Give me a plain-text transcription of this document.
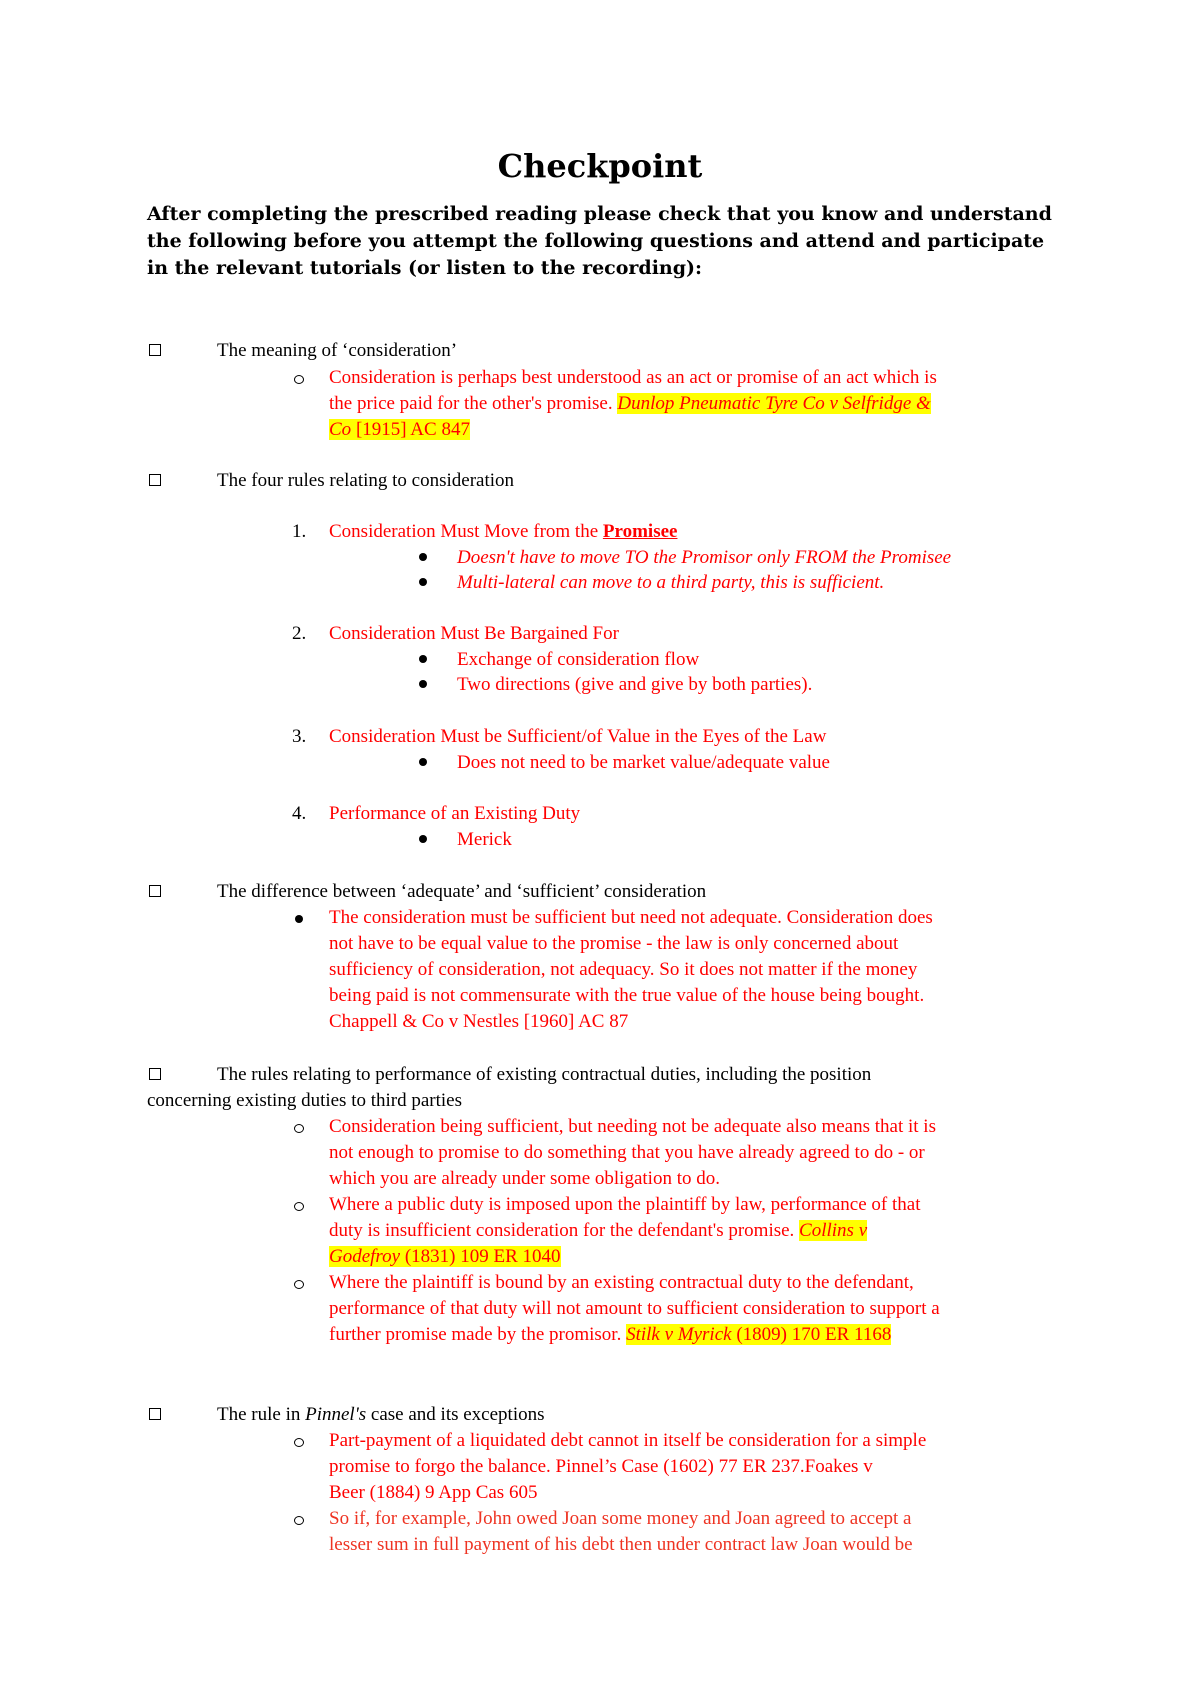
Checkpoint
After completing the prescribed reading please check that you know and understand the following before you attempt the following questions and attend and participate in the relevant tutorials (or listen to the recording):
The meaning of ‘consideration’
Consideration is perhaps best understood as an act or promise of an act which is
the price paid for the other's promise. Dunlop Pneumatic Tyre Co v Selfridge &
Co [1915] AC 847
The four rules relating to consideration
1. Consideration Must Move from the Promisee
Doesn't have to move TO the Promisor only FROM the Promisee
Multi-lateral can move to a third party, this is sufficient.
2. Consideration Must Be Bargained For
Exchange of consideration flow
Two directions (give and give by both parties).
3. Consideration Must be Sufficient/of Value in the Eyes of the Law
Does not need to be market value/adequate value
4. Performance of an Existing Duty
Merick
The difference between ‘adequate’ and ‘sufficient’ consideration
The consideration must be sufficient but need not adequate. Consideration does
not have to be equal value to the promise - the law is only concerned about
sufficiency of consideration, not adequacy. So it does not matter if the money
being paid is not commensurate with the true value of the house being bought.
Chappell & Co v Nestles [1960] AC 87
The rules relating to performance of existing contractual duties, including the position
concerning existing duties to third parties
Consideration being sufficient, but needing not be adequate also means that it is
not enough to promise to do something that you have already agreed to do - or
which you are already under some obligation to do.
Where a public duty is imposed upon the plaintiff by law, performance of that
duty is insufficient consideration for the defendant's promise. Collins v
Godefroy (1831) 109 ER 1040
Where the plaintiff is bound by an existing contractual duty to the defendant,
performance of that duty will not amount to sufficient consideration to support a
further promise made by the promisor. Stilk v Myrick (1809) 170 ER 1168
The rule in Pinnel's case and its exceptions
Part-payment of a liquidated debt cannot in itself be consideration for a simple
promise to forgo the balance. Pinnel’s Case (1602) 77 ER 237.Foakes v
Beer (1884) 9 App Cas 605
So if, for example, John owed Joan some money and Joan agreed to accept a
lesser sum in full payment of his debt then under contract law Joan would be
